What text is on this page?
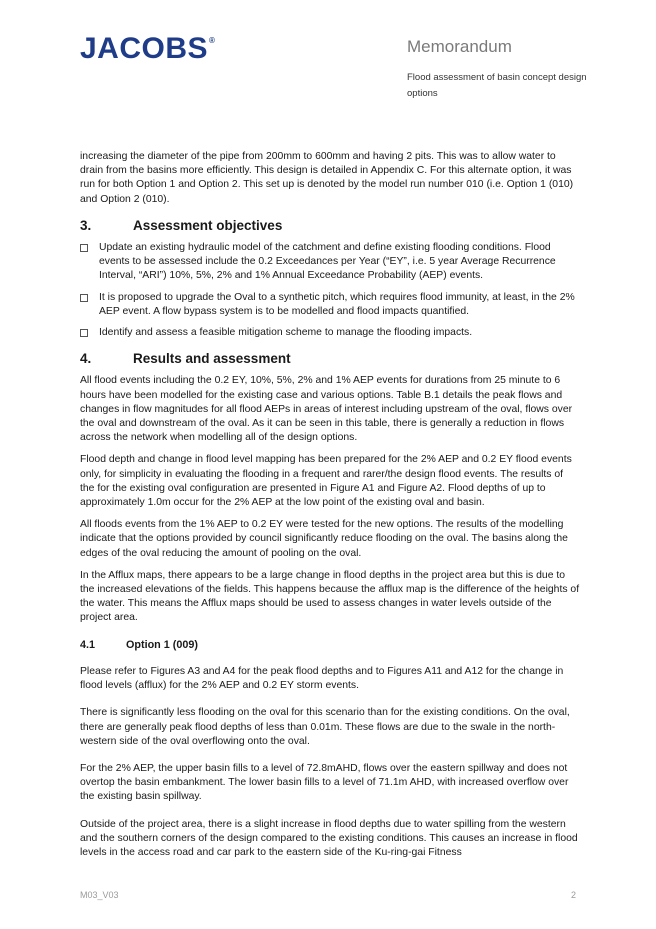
JACOBS®	Memorandum
Flood assessment of basin concept design options

increasing the diameter of the pipe from 200mm to 600mm and having 2 pits. This was to allow water to drain from the basins more efficiently. This design is detailed in Appendix C. For this alternate option, it was run for both Option 1 and Option 2. This set up is denoted by the model run number 010 (i.e. Option 1 (010) and Option 2 (010).

3.	Assessment objectives
Update an existing hydraulic model of the catchment and define existing flooding conditions. Flood events to be assessed include the 0.2 Exceedances per Year (“EY”, i.e. 5 year Average Recurrence Interval, “ARI”) 10%, 5%, 2% and 1% Annual Exceedance Probability (AEP) events.
It is proposed to upgrade the Oval to a synthetic pitch, which requires flood immunity, at least, in the 2% AEP event. A flow bypass system is to be modelled and flood impacts quantified.
Identify and assess a feasible mitigation scheme to manage the flooding impacts.
4.	Results and assessment

All flood events including the 0.2 EY, 10%, 5%, 2% and 1% AEP events for durations from 25 minute to 6 hours have been modelled for the existing case and various options. Table B.1 details the peak flows and changes in flow magnitudes for all flood AEPs in areas of interest including upstream of the oval, flows over the oval and downstream of the oval. As it can be seen in this table, there is generally a reduction in flows across the network when modelling all of the design options.

Flood depth and change in flood level mapping has been prepared for the 2% AEP and 0.2 EY flood events only, for simplicity in evaluating the flooding in a frequent and rarer/the design flood events. The results of the for the existing oval configuration are presented in Figure A1 and Figure A2. Flood depths of up to approximately 1.0m occur for the 2% AEP at the low point of the existing oval and basin.

All floods events from the 1% AEP to 0.2 EY were tested for the new options. The results of the modelling indicate that the options provided by council significantly reduce flooding on the oval. The basins along the edges of the oval reducing the amount of pooling on the oval.

In the Afflux maps, there appears to be a large change in flood depths in the project area but this is due to the increased elevations of the fields. This happens because the afflux map is the difference of the heights of the water. This means the Afflux maps should be used to assess changes in water levels outside of the project area.

4.1	Option 1 (009)

Please refer to Figures A3 and A4 for the peak flood depths and to Figures A11 and A12 for the change in flood levels (afflux) for the 2% AEP and 0.2 EY storm events.

There is significantly less flooding on the oval for this scenario than for the existing conditions. On the oval, there are generally peak flood depths of less than 0.01m. These flows are due to the swale in the north-western side of the oval overflowing onto the oval.

For the 2% AEP, the upper basin fills to a level of 72.8mAHD, flows over the eastern spillway and does not overtop the basin embankment. The lower basin fills to a level of 71.1m AHD, with increased overflow over the existing basin spillway.

Outside of the project area, there is a slight increase in flood depths due to water spilling from the western and the southern corners of the design compared to the existing conditions. This causes an increase in flood levels in the access road and car park to the eastern side of the Ku-ring-gai Fitness

M03_V03	2
